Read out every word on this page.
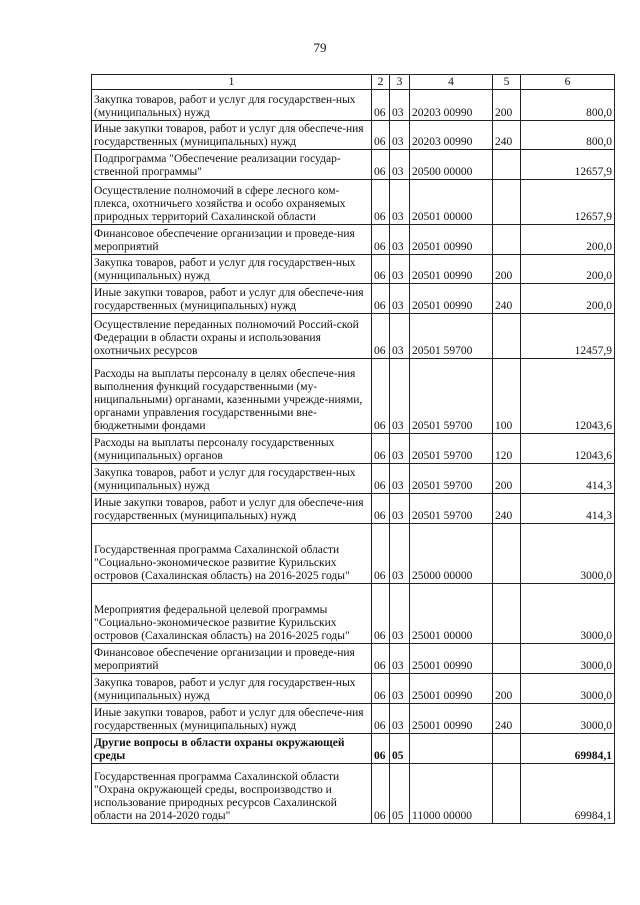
79
1	2	3	4	5	6
Закупка товаров, работ и услуг для государствен-ных (муниципальных) нужд	06	03	20203 00990	200	800,0
Иные закупки товаров, работ и услуг для обеспече-ния государственных (муниципальных) нужд	06	03	20203 00990	240	800,0
Подпрограмма "Обеспечение реализации государ-ственной программы"	06	03	20500 00000		12657,9
Осуществление полномочий в сфере лесного ком-плекса, охотничьего хозяйства и особо охраняемых природных территорий Сахалинской области	06	03	20501 00000		12657,9
Финансовое обеспечение организации и проведе-ния мероприятий	06	03	20501 00990		200,0
Закупка товаров, работ и услуг для государствен-ных (муниципальных) нужд	06	03	20501 00990	200	200,0
Иные закупки товаров, работ и услуг для обеспече-ния государственных (муниципальных) нужд	06	03	20501 00990	240	200,0
Осуществление переданных полномочий Россий-ской Федерации в области охраны и использования охотничьих ресурсов	06	03	20501 59700		12457,9
Расходы на выплаты персоналу в целях обеспече-ния выполнения функций государственными (му-ниципальными) органами, казенными учрежде-ниями, органами управления государственными вне-бюджетными фондами	06	03	20501 59700	100	12043,6
Расходы на выплаты персоналу государственных (муниципальных) органов	06	03	20501 59700	120	12043,6
Закупка товаров, работ и услуг для государствен-ных (муниципальных) нужд	06	03	20501 59700	200	414,3
Иные закупки товаров, работ и услуг для обеспече-ния государственных (муниципальных) нужд	06	03	20501 59700	240	414,3
Государственная программа Сахалинской области "Социально-экономическое развитие Курильских островов (Сахалинская область) на 2016-2025 годы"	06	03	25000 00000		3000,0
Мероприятия федеральной целевой программы "Социально-экономическое развитие Курильских островов (Сахалинская область) на 2016-2025 годы"	06	03	25001 00000		3000,0
Финансовое обеспечение организации и проведе-ния мероприятий	06	03	25001 00990		3000,0
Закупка товаров, работ и услуг для государствен-ных (муниципальных) нужд	06	03	25001 00990	200	3000,0
Иные закупки товаров, работ и услуг для обеспече-ния государственных (муниципальных) нужд	06	03	25001 00990	240	3000,0
Другие вопросы в области охраны окружающей среды	06	05			69984,1
Государственная программа Сахалинской области "Охрана окружающей среды, воспроизводство и использование природных ресурсов Сахалинской области на 2014-2020 годы"	06	05	11000 00000		69984,1
